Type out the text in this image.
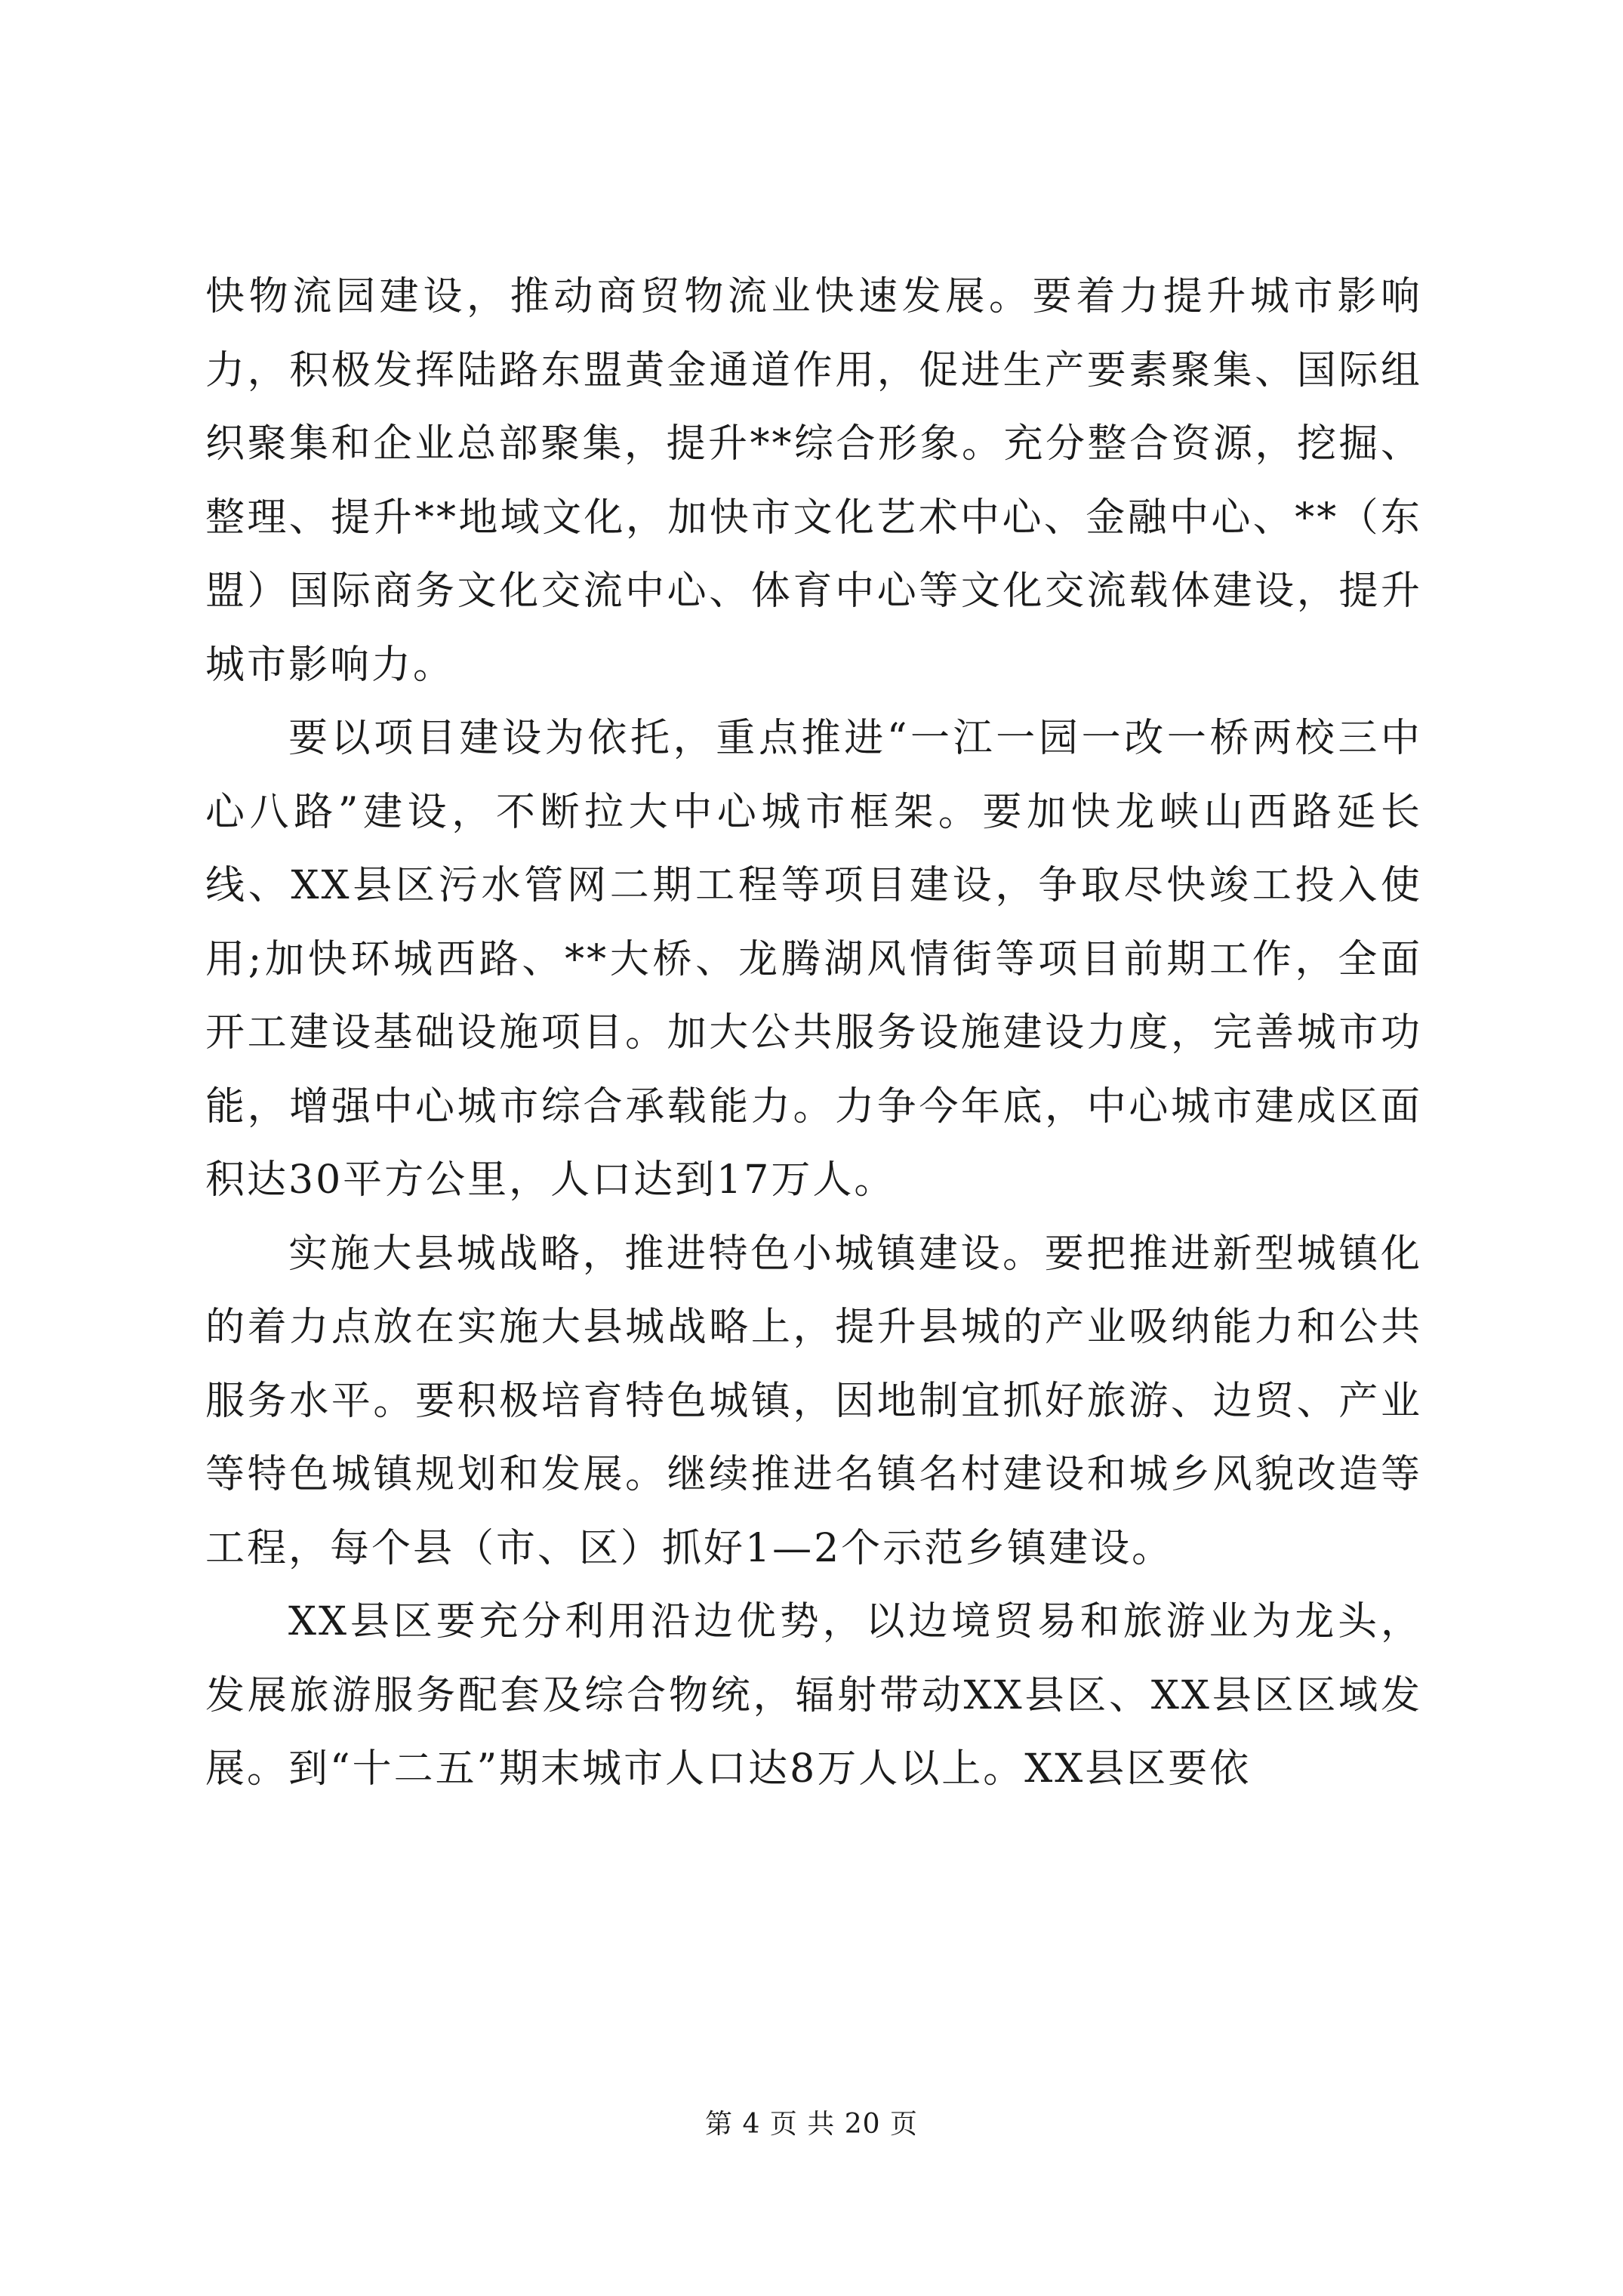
快物流园建设，推动商贸物流业快速发展。要着力提升城市影响力，积极发挥陆路东盟黄金通道作用，促进生产要素聚集、国际组织聚集和企业总部聚集，提升**综合形象。充分整合资源，挖掘、整理、提升**地域文化，加快市文化艺术中心、金融中心、**（东盟）国际商务文化交流中心、体育中心等文化交流载体建设，提升城市影响力。

要以项目建设为依托，重点推进“一江一园一改一桥两校三中心八路”建设，不断拉大中心城市框架。要加快龙峡山西路延长线、XX县区污水管网二期工程等项目建设，争取尽快竣工投入使用;加快环城西路、**大桥、龙腾湖风情街等项目前期工作，全面开工建设基础设施项目。加大公共服务设施建设力度，完善城市功能，增强中心城市综合承载能力。力争今年底，中心城市建成区面积达30平方公里，人口达到17万人。

实施大县城战略，推进特色小城镇建设。要把推进新型城镇化的着力点放在实施大县城战略上，提升县城的产业吸纳能力和公共服务水平。要积极培育特色城镇，因地制宜抓好旅游、边贸、产业等特色城镇规划和发展。继续推进名镇名村建设和城乡风貌改造等工程，每个县（市、区）抓好1—2个示范乡镇建设。

XX县区要充分利用沿边优势，以边境贸易和旅游业为龙头，发展旅游服务配套及综合物统，辐射带动XX县区、XX县区区域发展。到“十二五”期末城市人口达8万人以上。XX县区要依

第 4 页 共 20 页
